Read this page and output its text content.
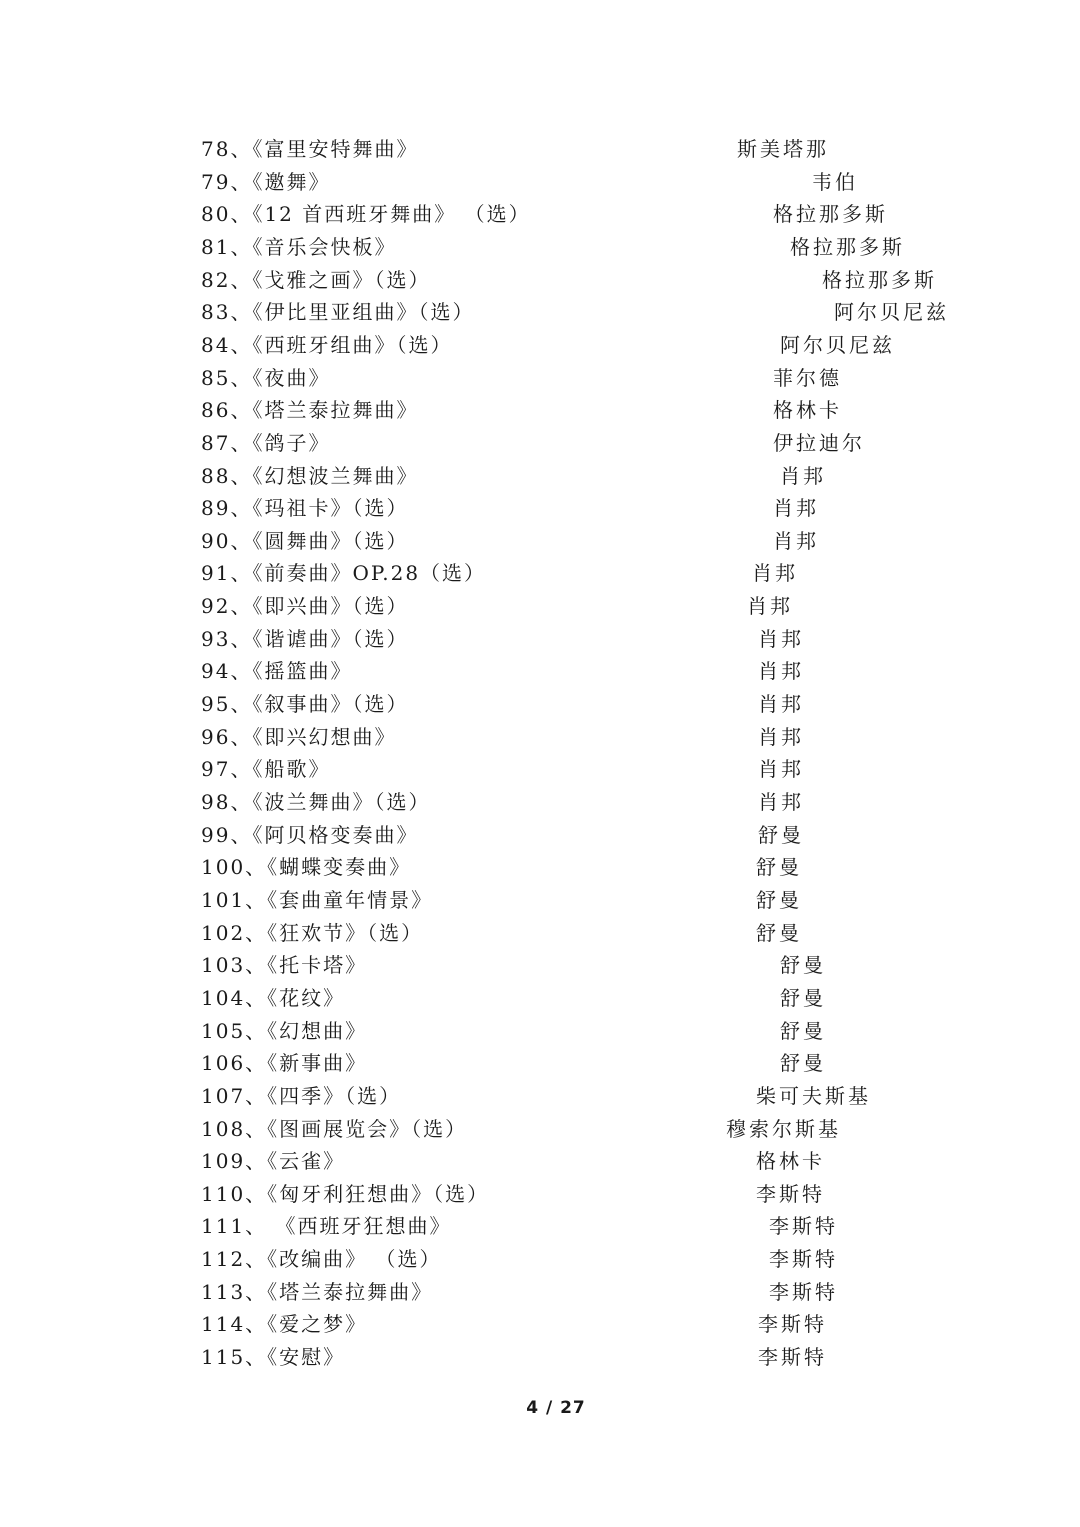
78、《富里安特舞曲》	斯美塔那
79、《邀舞》	韦伯
80、《12 首西班牙舞曲》 （选）	格拉那多斯
81、《音乐会快板》	格拉那多斯
82、《戈雅之画》（选）	格拉那多斯
83、《伊比里亚组曲》（选）	阿尔贝尼兹
84、《西班牙组曲》（选）	阿尔贝尼兹
85、《夜曲》	菲尔德
86、《塔兰泰拉舞曲》	格林卡
87、《鸽子》	伊拉迪尔
88、《幻想波兰舞曲》	肖邦
89、《玛祖卡》（选）	肖邦
90、《圆舞曲》（选）	肖邦
91、《前奏曲》OP.28（选）	肖邦
92、《即兴曲》（选）	肖邦
93、《谐谑曲》（选）	肖邦
94、《摇篮曲》	肖邦
95、《叙事曲》（选）	肖邦
96、《即兴幻想曲》	肖邦
97、《船歌》	肖邦
98、《波兰舞曲》（选）	肖邦
99、《阿贝格变奏曲》	舒曼
100、《蝴蝶变奏曲》	舒曼
101、《套曲童年情景》	舒曼
102、《狂欢节》（选）	舒曼
103、《托卡塔》	舒曼
104、《花纹》	舒曼
105、《幻想曲》	舒曼
106、《新事曲》	舒曼
107、《四季》（选）	柴可夫斯基
108、《图画展览会》（选）	穆索尔斯基
109、《云雀》	格林卡
110、《匈牙利狂想曲》（选）	李斯特
111、 《西班牙狂想曲》	李斯特
112、《改编曲》 （选）	李斯特
113、《塔兰泰拉舞曲》	李斯特
114、《爱之梦》	李斯特
115、《安慰》	李斯特
4 / 27
